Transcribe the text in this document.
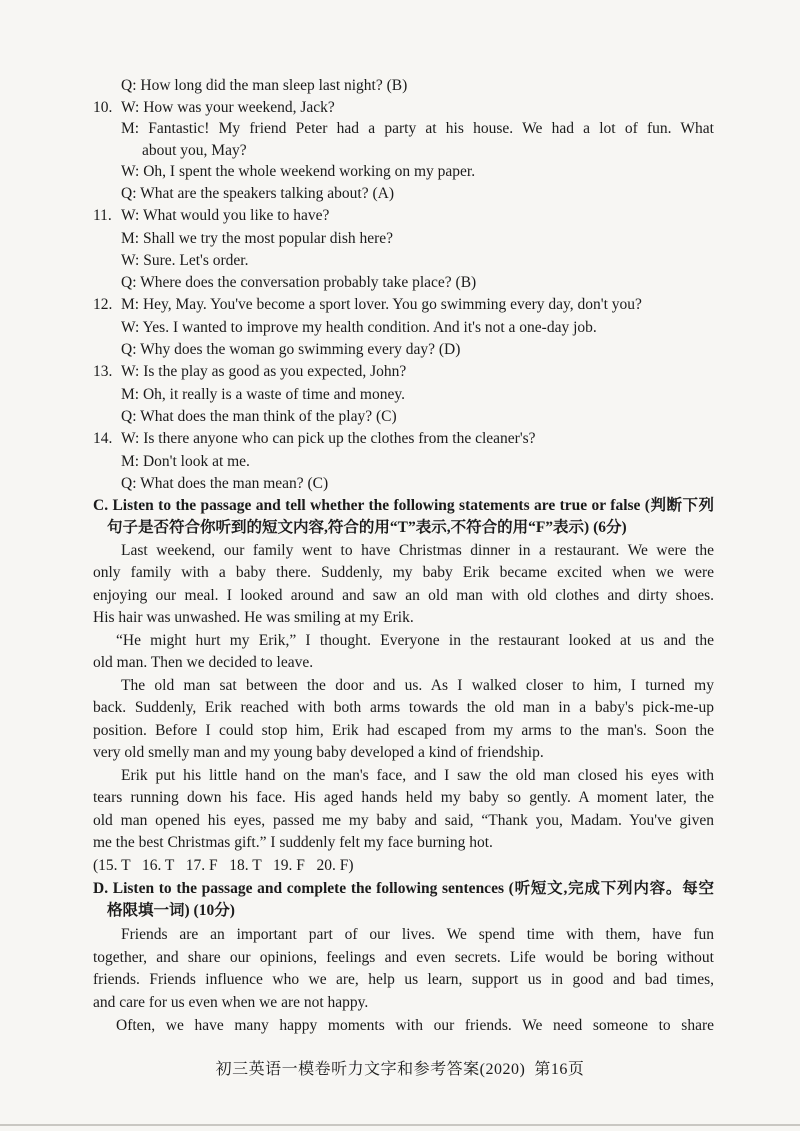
Q: How long did the man sleep last night? (B)
10. W: How was your weekend, Jack?
M: Fantastic! My friend Peter had a party at his house. We had a lot of fun. What
about you, May?
W: Oh, I spent the whole weekend working on my paper.
Q: What are the speakers talking about? (A)
11. W: What would you like to have?
M: Shall we try the most popular dish here?
W: Sure. Let's order.
Q: Where does the conversation probably take place? (B)
12. M: Hey, May. You've become a sport lover. You go swimming every day, don't you?
W: Yes. I wanted to improve my health condition. And it's not a one-day job.
Q: Why does the woman go swimming every day? (D)
13. W: Is the play as good as you expected, John?
M: Oh, it really is a waste of time and money.
Q: What does the man think of the play? (C)
14. W: Is there anyone who can pick up the clothes from the cleaner's?
M: Don't look at me.
Q: What does the man mean? (C)
C. Listen to the passage and tell whether the following statements are true or false (判断下列
句子是否符合你听到的短文内容,符合的用“T”表示,不符合的用“F”表示) (6分)
Last weekend, our family went to have Christmas dinner in a restaurant. We were the
only family with a baby there. Suddenly, my baby Erik became excited when we were
enjoying our meal. I looked around and saw an old man with old clothes and dirty shoes.
His hair was unwashed. He was smiling at my Erik.
“He might hurt my Erik,” I thought. Everyone in the restaurant looked at us and the
old man. Then we decided to leave.
The old man sat between the door and us. As I walked closer to him, I turned my
back. Suddenly, Erik reached with both arms towards the old man in a baby's pick-me-up
position. Before I could stop him, Erik had escaped from my arms to the man's. Soon the
very old smelly man and my young baby developed a kind of friendship.
Erik put his little hand on the man's face, and I saw the old man closed his eyes with
tears running down his face. His aged hands held my baby so gently. A moment later, the
old man opened his eyes, passed me my baby and said, “Thank you, Madam. You've given
me the best Christmas gift.” I suddenly felt my face burning hot.
(15. T   16. T   17. F   18. T   19. F   20. F)
D. Listen to the passage and complete the following sentences (听短文,完成下列内容。每空
格限填一词) (10分)
Friends are an important part of our lives. We spend time with them, have fun
together, and share our opinions, feelings and even secrets. Life would be boring without
friends. Friends influence who we are, help us learn, support us in good and bad times,
and care for us even when we are not happy.
Often, we have many happy moments with our friends. We need someone to share
初三英语一模卷听力文字和参考答案(2020)  第16页
